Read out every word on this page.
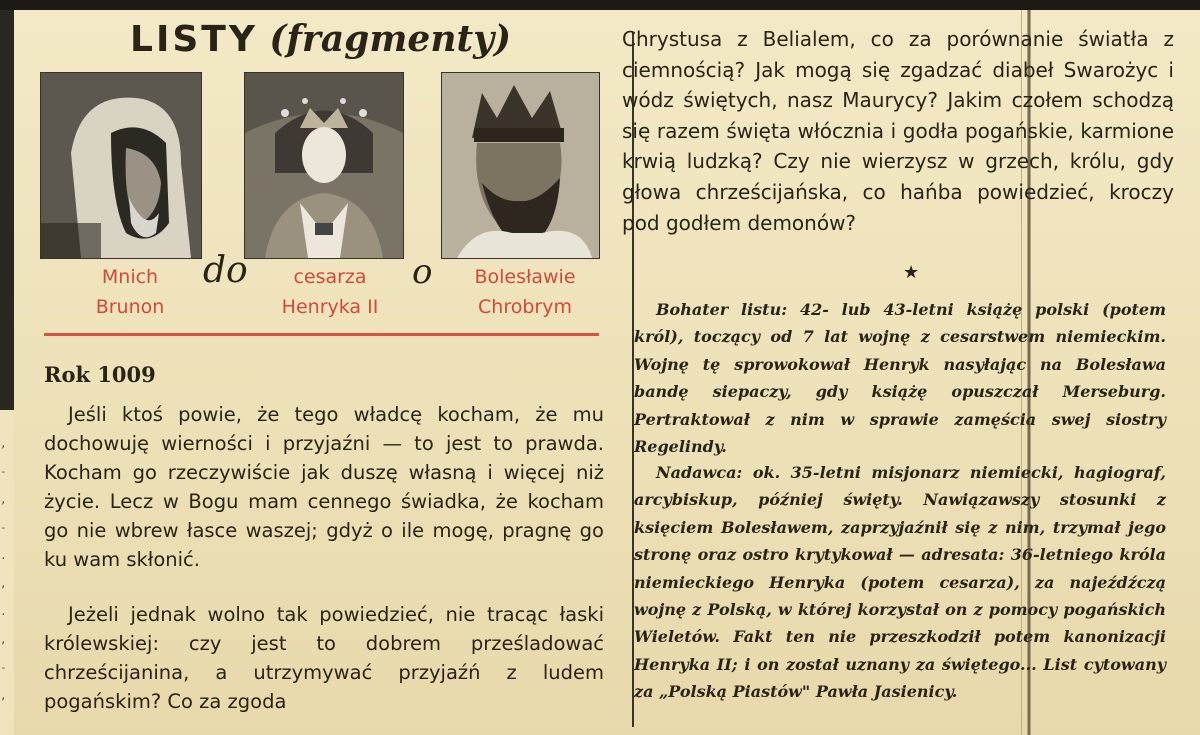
,
-
,
-
.
,
.
,
-
,
LISTY (fragmenty)
Mnich
Brunon
do	cesarza
Henryka II
o	Bolesławie
Chrobrym
Rok 1009
Jeśli ktoś powie, że tego władcę kocham, że mu dochowuję wierności i przyjaźni — to jest to prawda. Kocham go rzeczywiście jak duszę własną i więcej niż życie. Lecz w Bogu mam cennego świadka, że kocham go nie wbrew łasce waszej; gdyż o ile mogę, pragnę go ku wam skłonić.
Jeżeli jednak wolno tak powiedzieć, nie tracąc łaski królewskiej: czy jest to dobrem prześladować chrześcijanina, a utrzymywać przyjaźń z ludem pogańskim? Co za zgoda
Chrystusa z Belialem, co za porównanie światła z ciemnością? Jak mogą się zgadzać diabeł Swarożyc i wódz świętych, nasz Maurycy? Jakim czołem schodzą się razem święta włócznia i godła pogańskie, karmione krwią ludzką? Czy nie wierzysz w grzech, królu, gdy głowa chrześcijańska, co hańba powiedzieć, kroczy pod godłem demonów?
★
Bohater listu: 42- lub 43-letni książę polski (potem król), toczący od 7 lat wojnę z cesarstwem niemieckim. Wojnę tę sprowokował Henryk nasyłając na Bolesława bandę siepaczy, gdy książę opuszczał Merseburg. Pertraktował z nim w sprawie zamęścia swej siostry Regelindy.
Nadawca: ok. 35-letni misjonarz niemiecki, hagiograf, arcybiskup, później święty. Nawiązawszy stosunki z księciem Bolesławem, zaprzyjaźnił się z nim, trzymał jego stronę oraz ostro krytykował — adresata: 36-letniego króla niemieckiego Henryka (potem cesarza), za najeźdźczą wojnę z Polską, w której korzystał on z pomocy pogańskich Wieletów. Fakt ten nie przeszkodził potem kanonizacji Henryka II; i on został uznany za świętego... List cytowany za „Polską Piastów" Pawła Jasienicy.
